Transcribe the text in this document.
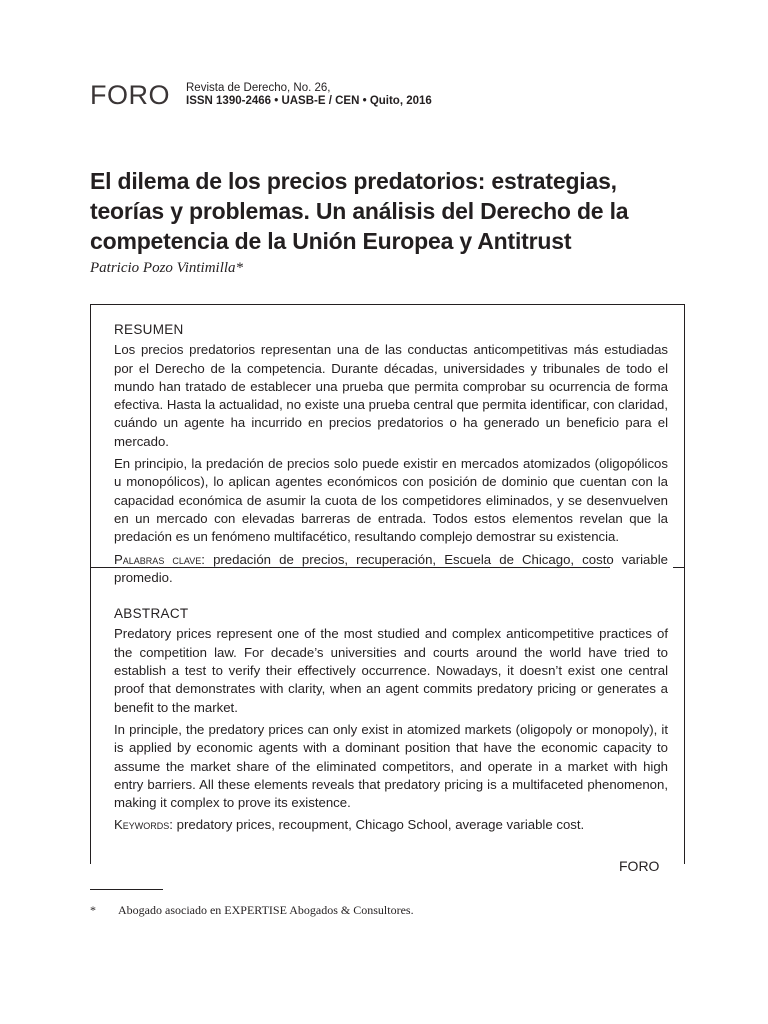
FORO Revista de Derecho, No. 26,
ISSN 1390-2466 • UASB-E / CEN • Quito, 2016
El dilema de los precios predatorios: estrategias, teorías y problemas. Un análisis del Derecho de la competencia de la Unión Europea y Antitrust
Patricio Pozo Vintimilla*
RESUMEN

Los precios predatorios representan una de las conductas anticompetitivas más estudiadas por el Derecho de la competencia. Durante décadas, universidades y tribunales de todo el mundo han tratado de establecer una prueba que permita comprobar su ocurrencia de forma efectiva. Hasta la actualidad, no existe una prueba central que permita identificar, con claridad, cuándo un agente ha incurrido en precios predatorios o ha generado un beneficio para el mercado.

En principio, la predación de precios solo puede existir en mercados atomizados (oligopólicos u monopólicos), lo aplican agentes económicos con posición de dominio que cuentan con la capacidad económica de asumir la cuota de los competidores eliminados, y se desenvuelven en un mercado con elevadas barreras de entrada. Todos estos elementos revelan que la predación es un fenómeno multifacético, resultando complejo demostrar su existencia.

Palabras clave: predación de precios, recuperación, Escuela de Chicago, costo variable promedio.

ABSTRACT

Predatory prices represent one of the most studied and complex anticompetitive practices of the competition law. For decade’s universities and courts around the world have tried to establish a test to verify their effectively occurrence. Nowadays, it doesn’t exist one central proof that demonstrates with clarity, when an agent commits predatory pricing or generates a benefit to the market.

In principle, the predatory prices can only exist in atomized markets (oligopoly or monopoly), it is applied by economic agents with a dominant position that have the economic capacity to assume the market share of the eliminated competitors, and operate in a market with high entry barriers. All these elements reveals that predatory pricing is a multifaceted phenomenon, making it complex to prove its existence.

Keywords: predatory prices, recoupment, Chicago School, average variable cost.

FORO
* Abogado asociado en EXPERTISE Abogados & Consultores.
